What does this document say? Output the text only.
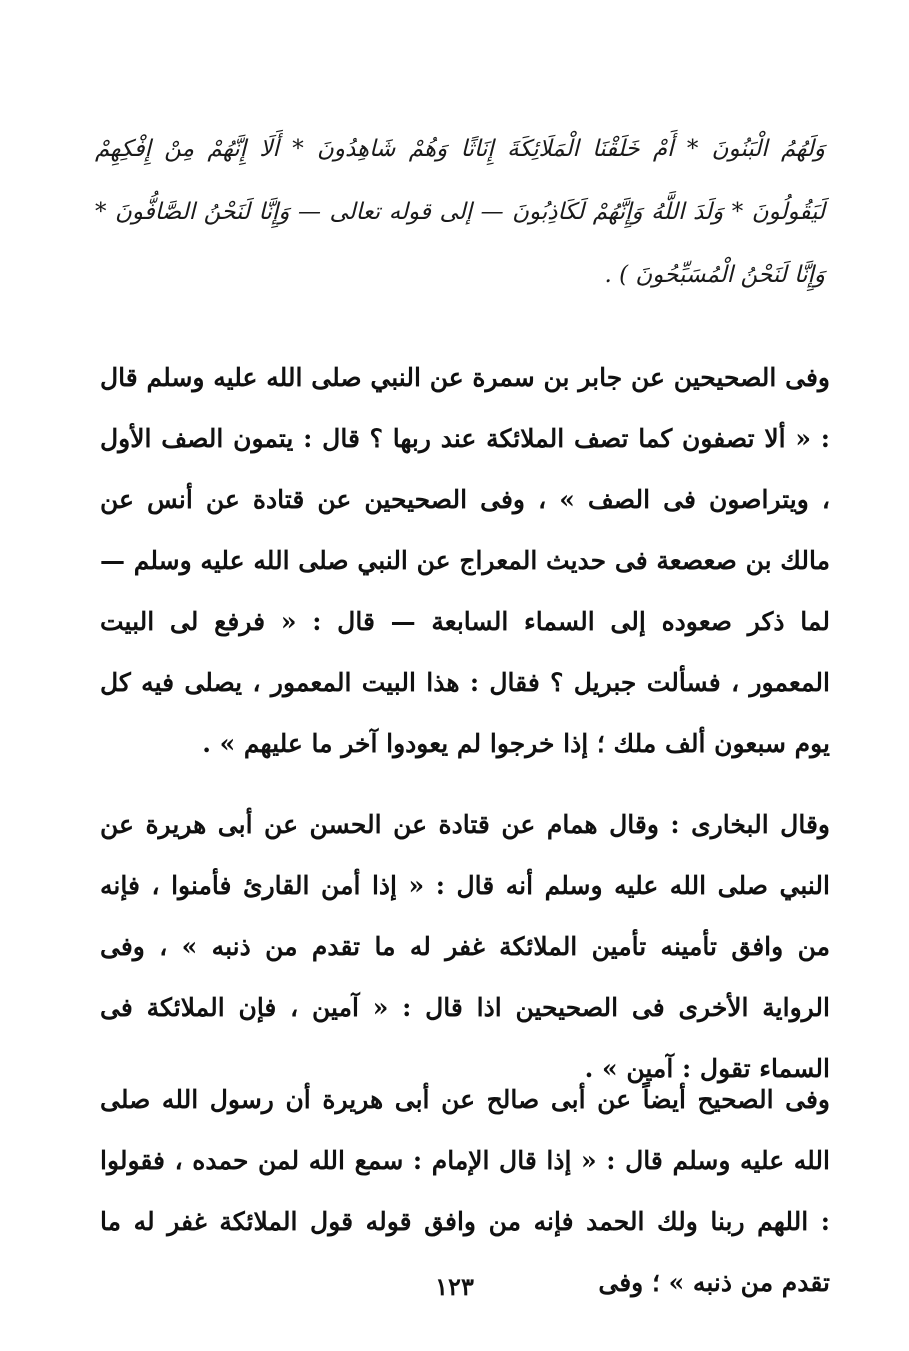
وَلَهُمُ الْبَنُونَ * أَمْ خَلَقْنَا الْمَلَائِكَةَ إِنَاثًا وَهُمْ شَاهِدُونَ * أَلَا إِنَّهُمْ مِنْ إِفْكِهِمْ لَيَقُولُونَ * وَلَدَ اللَّهُ وَإِنَّهُمْ لَكَاذِبُونَ — إلى قوله تعالى — وَإِنَّا لَنَحْنُ الصَّافُّونَ * وَإِنَّا لَنَحْنُ الْمُسَبِّحُونَ ) .

وفى الصحيحين عن جابر بن سمرة عن النبي صلى الله عليه وسلم قال : « ألا تصفون كما تصف الملائكة عند ربها ؟ قال : يتمون الصف الأول ، ويتراصون فى الصف » ، وفى الصحيحين عن قتادة عن أنس عن مالك بن صعصعة فى حديث المعراج عن النبي صلى الله عليه وسلم — لما ذكر صعوده إلى السماء السابعة — قال : « فرفع لى البيت المعمور ، فسألت جبريل ؟ فقال : هذا البيت المعمور ، يصلى فيه كل يوم سبعون ألف ملك ؛ إذا خرجوا لم يعودوا آخر ما عليهم » .

وقال البخارى : وقال همام عن قتادة عن الحسن عن أبى هريرة عن النبي صلى الله عليه وسلم أنه قال : « إذا أمن القارئ فأمنوا ، فإنه من وافق تأمينه تأمين الملائكة غفر له ما تقدم من ذنبه » ، وفى الرواية الأخرى فى الصحيحين اذا قال : « آمين ، فإن الملائكة فى السماء تقول : آمين » .

وفى الصحيح أيضاً عن أبى صالح عن أبى هريرة أن رسول الله صلى الله عليه وسلم قال : « إذا قال الإمام : سمع الله لمن حمده ، فقولوا : اللهم ربنا ولك الحمد فإنه من وافق قوله قول الملائكة غفر له ما تقدم من ذنبه » ؛ وفى

١٢٣
